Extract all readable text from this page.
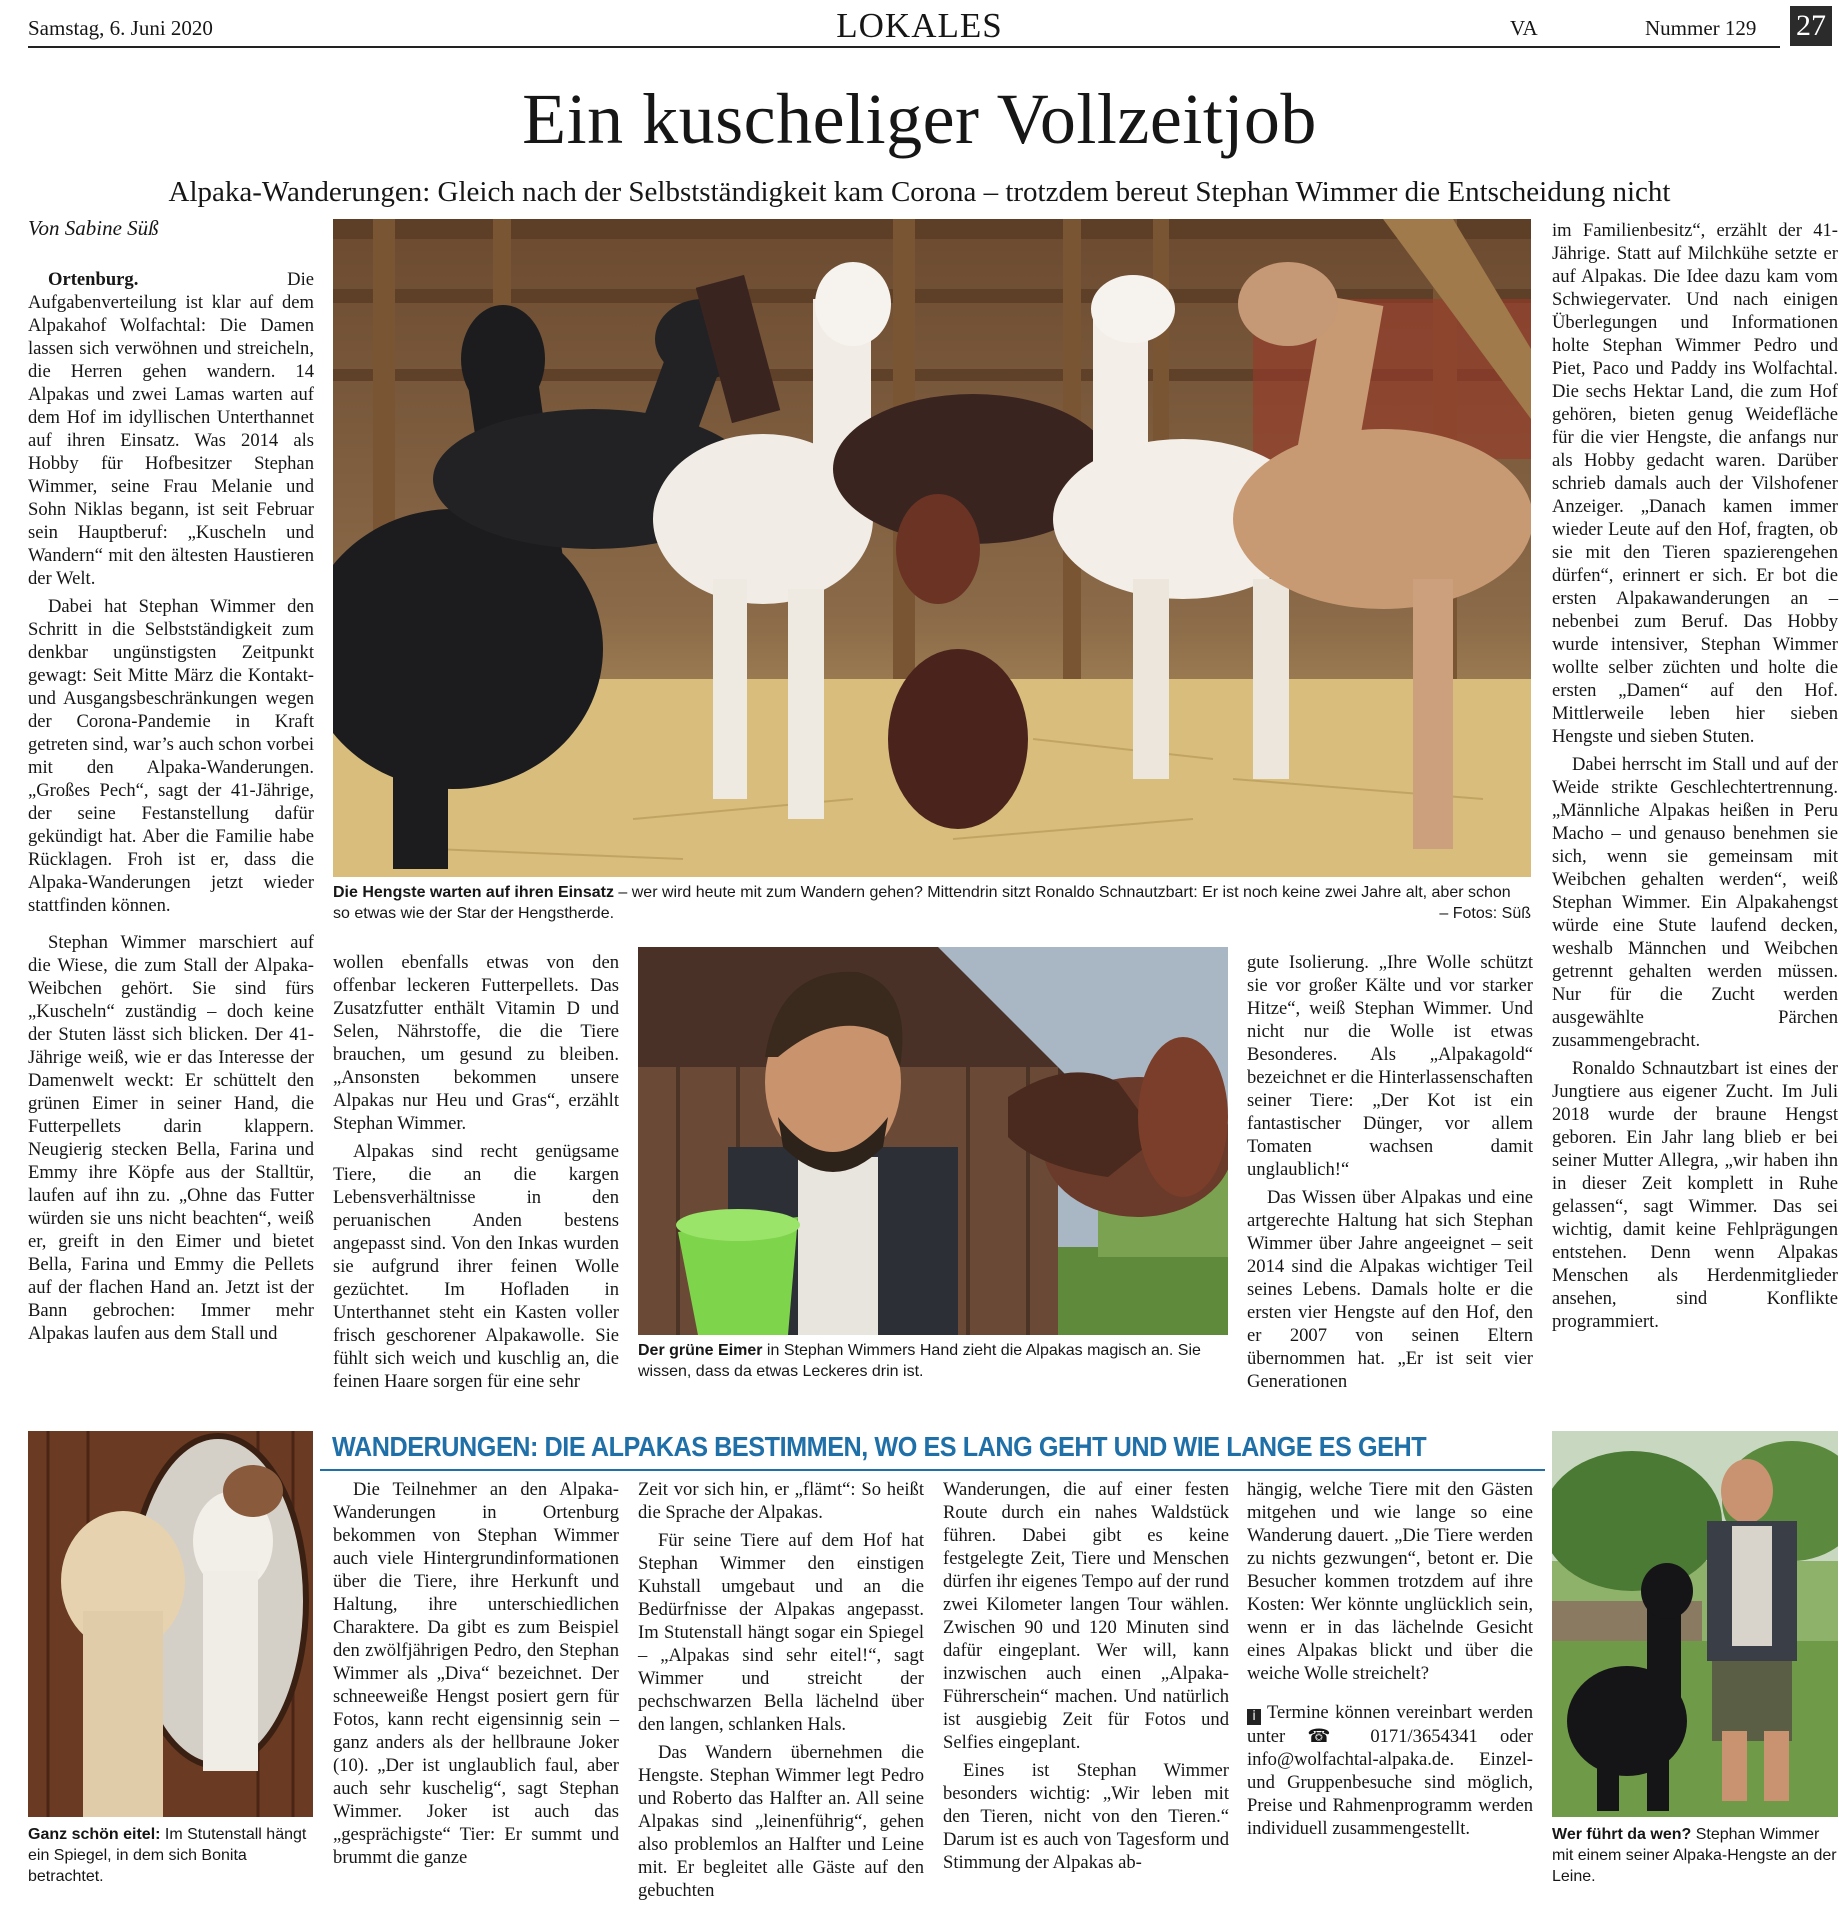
Samstag, 6. Juni 2020	LOKALES	VA	Nummer 129 27
Ein kuscheliger Vollzeitjob
Alpaka-Wanderungen: Gleich nach der Selbstständigkeit kam Corona – trotzdem bereut Stephan Wimmer die Entscheidung nicht
Von Sabine Süß
Die Hengste warten auf ihren Einsatz – wer wird heute mit zum Wandern gehen? Mittendrin sitzt Ronaldo Schnautzbart: Er ist noch keine zwei Jahre alt, aber schon so etwas wie der Star der Hengstherde.	– Fotos: Süß

Ortenburg. Die Aufgabenverteilung ist klar auf dem Alpakahof Wolfachtal: Die Damen lassen sich verwöhnen und streicheln, die Herren gehen wandern. 14 Alpakas und zwei Lamas warten auf dem Hof im idyllischen Unterthannet auf ihren Einsatz. Was 2014 als Hobby für Hofbesitzer Stephan Wimmer, seine Frau Melanie und Sohn Niklas begann, ist seit Februar sein Hauptberuf: „Kuscheln und Wandern“ mit den ältesten Haustieren der Welt.

Dabei hat Stephan Wimmer den Schritt in die Selbstständigkeit zum denkbar ungünstigsten Zeitpunkt gewagt: Seit Mitte März die Kontakt- und Ausgangsbeschränkungen wegen der Corona-Pandemie in Kraft getreten sind, war’s auch schon vorbei mit den Alpaka-Wanderungen. „Großes Pech“, sagt der 41-Jährige, der seine Festanstellung dafür gekündigt hat. Aber die Familie habe Rücklagen. Froh ist er, dass die Alpaka-Wanderungen jetzt wieder stattfinden können.

Stephan Wimmer marschiert auf die Wiese, die zum Stall der Alpaka-Weibchen gehört. Sie sind fürs „Kuscheln“ zuständig – doch keine der Stuten lässt sich blicken. Der 41-Jährige weiß, wie er das Interesse der Damenwelt weckt: Er schüttelt den grünen Eimer in seiner Hand, die Futterpellets darin klappern. Neugierig stecken Bella, Farina und Emmy ihre Köpfe aus der Stalltür, laufen auf ihn zu. „Ohne das Futter würden sie uns nicht beachten“, weiß er, greift in den Eimer und bietet Bella, Farina und Emmy die Pellets auf der flachen Hand an. Jetzt ist der Bann gebrochen: Immer mehr Alpakas laufen aus dem Stall und

wollen ebenfalls etwas von den offenbar leckeren Futterpellets. Das Zusatzfutter enthält Vitamin D und Selen, Nährstoffe, die die Tiere brauchen, um gesund zu bleiben. „Ansonsten bekommen unsere Alpakas nur Heu und Gras“, erzählt Stephan Wimmer.

Alpakas sind recht genügsame Tiere, die an die kargen Lebensverhältnisse in den peruanischen Anden bestens angepasst sind. Von den Inkas wurden sie aufgrund ihrer feinen Wolle gezüchtet. Im Hofladen in Unterthannet steht ein Kasten voller frisch geschorener Alpakawolle. Sie fühlt sich weich und kuschlig an, die feinen Haare sorgen für eine sehr

Der grüne Eimer in Stephan Wimmers Hand zieht die Alpakas magisch an. Sie wissen, dass da etwas Leckeres drin ist.

gute Isolierung. „Ihre Wolle schützt sie vor großer Kälte und vor starker Hitze“, weiß Stephan Wimmer. Und nicht nur die Wolle ist etwas Besonderes. Als „Alpakagold“ bezeichnet er die Hinterlassenschaften seiner Tiere: „Der Kot ist ein fantastischer Dünger, vor allem Tomaten wachsen damit unglaublich!“

Das Wissen über Alpakas und eine artgerechte Haltung hat sich Stephan Wimmer über Jahre angeeignet – seit 2014 sind die Alpakas wichtiger Teil seines Lebens. Damals holte er die ersten vier Hengste auf den Hof, den er 2007 von seinen Eltern übernommen hat. „Er ist seit vier Generationen

im Familienbesitz“, erzählt der 41-Jährige. Statt auf Milchkühe setzte er auf Alpakas. Die Idee dazu kam vom Schwiegervater. Und nach einigen Überlegungen und Informationen holte Stephan Wimmer Pedro und Piet, Paco und Paddy ins Wolfachtal. Die sechs Hektar Land, die zum Hof gehören, bieten genug Weidefläche für die vier Hengste, die anfangs nur als Hobby gedacht waren. Darüber schrieb damals auch der Vilshofener Anzeiger. „Danach kamen immer wieder Leute auf den Hof, fragten, ob sie mit den Tieren spazierengehen dürfen“, erinnert er sich. Er bot die ersten Alpakawanderungen an – nebenbei zum Beruf. Das Hobby wurde intensiver, Stephan Wimmer wollte selber züchten und holte die ersten „Damen“ auf den Hof. Mittlerweile leben hier sieben Hengste und sieben Stuten.

Dabei herrscht im Stall und auf der Weide strikte Geschlechtertrennung. „Männliche Alpakas heißen in Peru Macho – und genauso benehmen sie sich, wenn sie gemeinsam mit Weibchen gehalten werden“, weiß Stephan Wimmer. Ein Alpakahengst würde eine Stute laufend decken, weshalb Männchen und Weibchen getrennt gehalten werden müssen. Nur für die Zucht werden ausgewählte Pärchen zusammengebracht.

Ronaldo Schnautzbart ist eines der Jungtiere aus eigener Zucht. Im Juli 2018 wurde der braune Hengst geboren. Ein Jahr lang blieb er bei seiner Mutter Allegra, „wir haben ihn in dieser Zeit komplett in Ruhe gelassen“, sagt Wimmer. Das sei wichtig, damit keine Fehlprägungen entstehen. Denn wenn Alpakas Menschen als Herdenmitglieder ansehen, sind Konflikte programmiert.

Ganz schön eitel: Im Stutenstall hängt ein Spiegel, in dem sich Bonita betrachtet.
WANDERUNGEN: DIE ALPAKAS BESTIMMEN, WO ES LANG GEHT UND WIE LANGE ES GEHT

Die Teilnehmer an den Alpaka-Wanderungen in Ortenburg bekommen von Stephan Wimmer auch viele Hintergrundinformationen über die Tiere, ihre Herkunft und Haltung, ihre unterschiedlichen Charaktere. Da gibt es zum Beispiel den zwölfjährigen Pedro, den Stephan Wimmer als „Diva“ bezeichnet. Der schneeweiße Hengst posiert gern für Fotos, kann recht eigensinnig sein – ganz anders als der hellbraune Joker (10). „Der ist unglaublich faul, aber auch sehr kuschelig“, sagt Stephan Wimmer. Joker ist auch das „gesprächigste“ Tier: Er summt und brummt die ganze

Zeit vor sich hin, er „flämt“: So heißt die Sprache der Alpakas.

Für seine Tiere auf dem Hof hat Stephan Wimmer den einstigen Kuhstall umgebaut und an die Bedürfnisse der Alpakas angepasst. Im Stutenstall hängt sogar ein Spiegel – „Alpakas sind sehr eitel!“, sagt Wimmer und streicht der pechschwarzen Bella lächelnd über den langen, schlanken Hals.

Das Wandern übernehmen die Hengste. Stephan Wimmer legt Pedro und Roberto das Halfter an. All seine Alpakas sind „leinenführig“, gehen also problemlos an Halfter und Leine mit. Er begleitet alle Gäste auf den gebuchten

Wanderungen, die auf einer festen Route durch ein nahes Waldstück führen. Dabei gibt es keine festgelegte Zeit, Tiere und Menschen dürfen ihr eigenes Tempo auf der rund zwei Kilometer langen Tour wählen. Zwischen 90 und 120 Minuten sind dafür eingeplant. Wer will, kann inzwischen auch einen „Alpaka-Führerschein“ machen. Und natürlich ist ausgiebig Zeit für Fotos und Selfies eingeplant.

Eines ist Stephan Wimmer besonders wichtig: „Wir leben mit den Tieren, nicht von den Tieren.“ Darum ist es auch von Tagesform und Stimmung der Alpakas ab-

hängig, welche Tiere mit den Gästen mitgehen und wie lange so eine Wanderung dauert. „Die Tiere werden zu nichts gezwungen“, betont er. Die Besucher kommen trotzdem auf ihre Kosten: Wer könnte unglücklich sein, wenn er in das lächelnde Gesicht eines Alpakas blickt und über die weiche Wolle streichelt?

i Termine können vereinbart werden unter ☎ 0171/3654341 oder info@wolfachtal-alpaka.de. Einzel- und Gruppenbesuche sind möglich, Preise und Rahmenprogramm werden individuell zusammengestellt.	Wer führt da wen? Stephan Wimmer mit einem seiner Alpaka-Hengste an der Leine.
